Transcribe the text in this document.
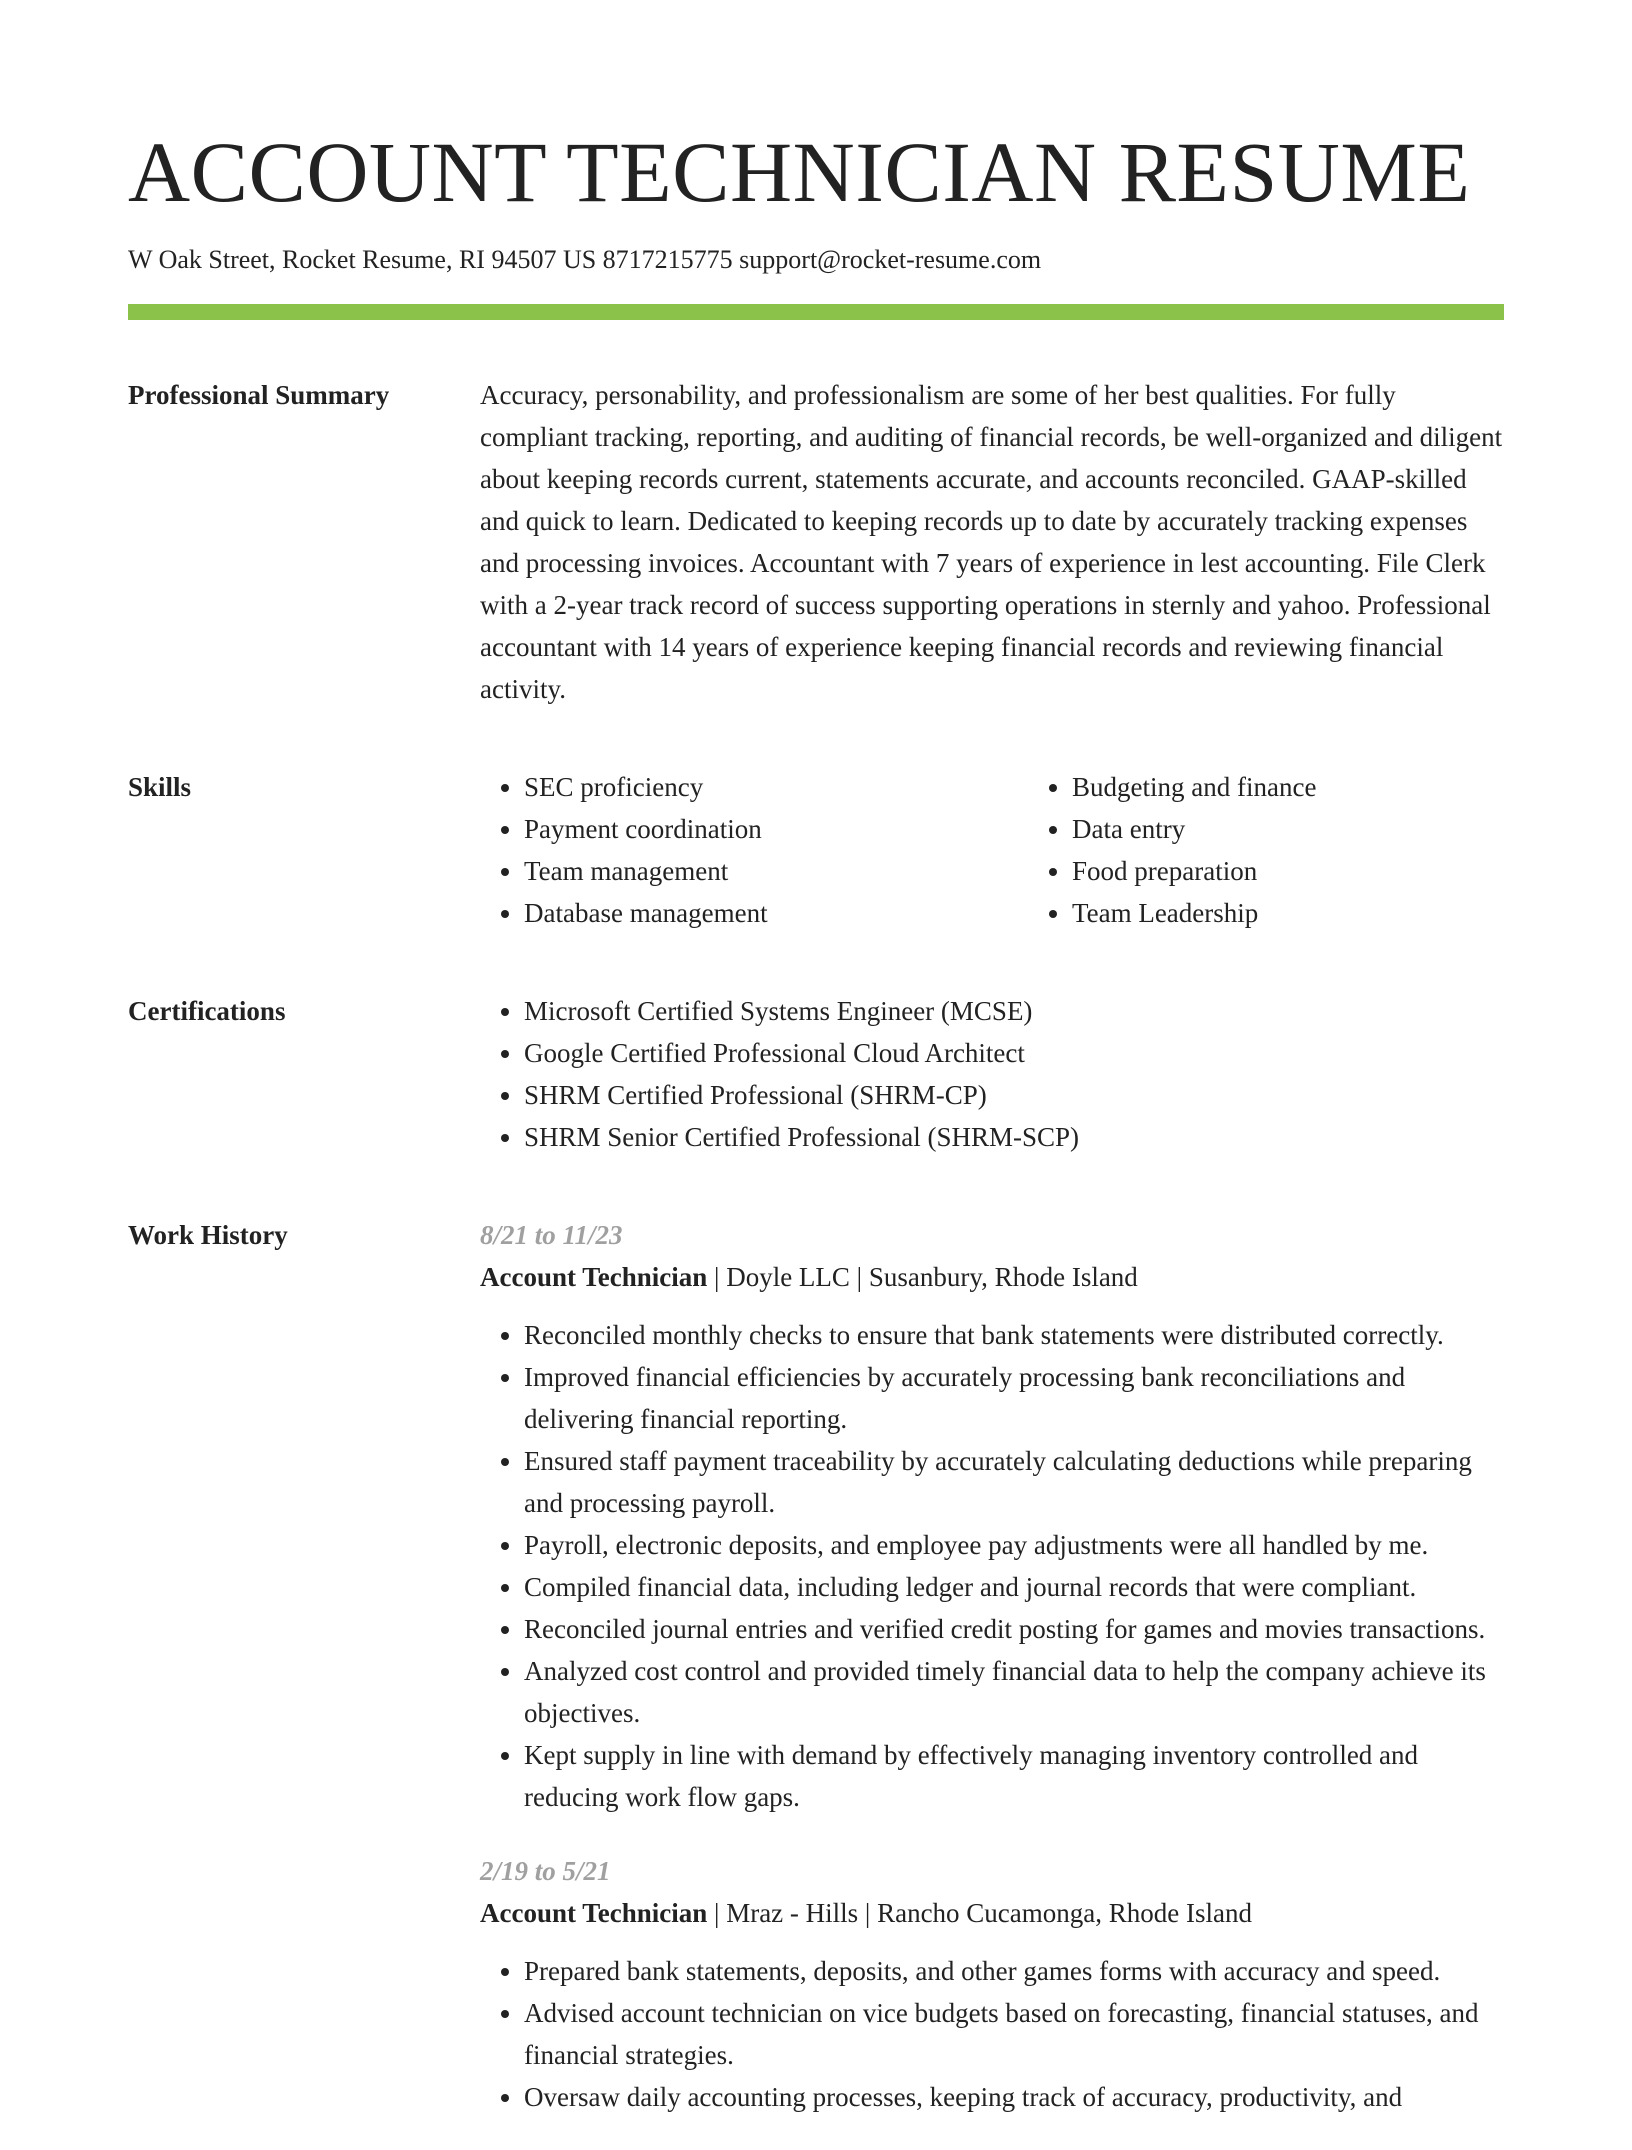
ACCOUNT TECHNICIAN RESUME
W Oak Street, Rocket Resume, RI 94507 US 8717215775 support@rocket-resume.com
Professional Summary	Accuracy, personability, and professionalism are some of her best qualities. For fully compliant tracking, reporting, and auditing of financial records, be well-organized and diligent about keeping records current, statements accurate, and accounts reconciled. GAAP-skilled and quick to learn. Dedicated to keeping records up to date by accurately tracking expenses and processing invoices. Accountant with 7 years of experience in lest accounting. File Clerk with a 2-year track record of success supporting operations in sternly and yahoo. Professional accountant with 14 years of experience keeping financial records and reviewing financial activity.

Skills	• SEC proficiency
• Payment coordination
• Team management
• Database management
• Budgeting and finance
• Data entry
• Food preparation
• Team Leadership
Certifications	• Microsoft Certified Systems Engineer (MCSE)
• Google Certified Professional Cloud Architect
• SHRM Certified Professional (SHRM-CP)
• SHRM Senior Certified Professional (SHRM-SCP)
Work History	8/21 to 11/23
Account Technician | Doyle LLC | Susanbury, Rhode Island
• Reconciled monthly checks to ensure that bank statements were distributed correctly.
• Improved financial efficiencies by accurately processing bank reconciliations and delivering financial reporting.
• Ensured staff payment traceability by accurately calculating deductions while preparing and processing payroll.
• Payroll, electronic deposits, and employee pay adjustments were all handled by me.
• Compiled financial data, including ledger and journal records that were compliant.
• Reconciled journal entries and verified credit posting for games and movies transactions.
• Analyzed cost control and provided timely financial data to help the company achieve its objectives.
• Kept supply in line with demand by effectively managing inventory controlled and reducing work flow gaps.
2/19 to 5/21
Account Technician | Mraz - Hills | Rancho Cucamonga, Rhode Island
• Prepared bank statements, deposits, and other games forms with accuracy and speed.
• Advised account technician on vice budgets based on forecasting, financial statuses, and financial strategies.
• Oversaw daily accounting processes, keeping track of accuracy, productivity, and
